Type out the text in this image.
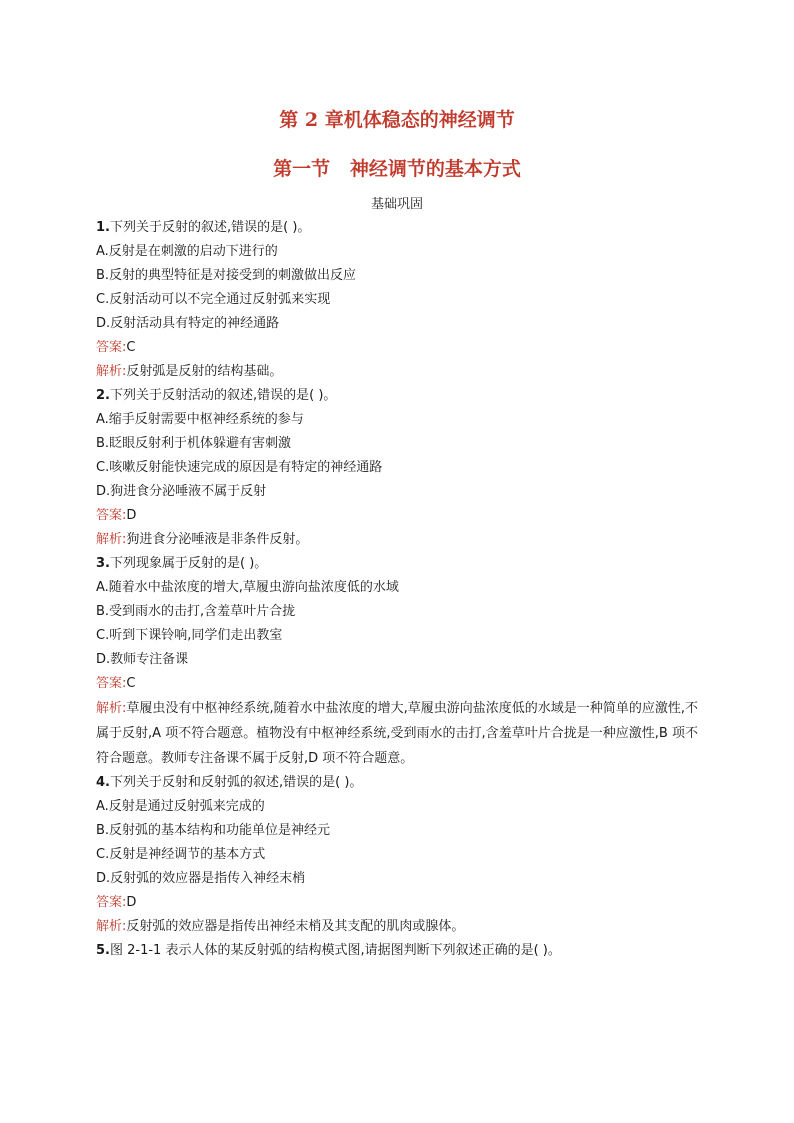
第 2 章机体稳态的神经调节
第一节   神经调节的基本方式
基础巩固
1.下列关于反射的叙述,错误的是( )。
A.反射是在刺激的启动下进行的
B.反射的典型特征是对接受到的刺激做出反应
C.反射活动可以不完全通过反射弧来实现
D.反射活动具有特定的神经通路
答案:C
解析:反射弧是反射的结构基础。
2.下列关于反射活动的叙述,错误的是( )。
A.缩手反射需要中枢神经系统的参与
B.眨眼反射利于机体躲避有害刺激
C.咳嗽反射能快速完成的原因是有特定的神经通路
D.狗进食分泌唾液不属于反射
答案:D
解析:狗进食分泌唾液是非条件反射。
3.下列现象属于反射的是( )。
A.随着水中盐浓度的增大,草履虫游向盐浓度低的水域
B.受到雨水的击打,含羞草叶片合拢
C.听到下课铃响,同学们走出教室
D.教师专注备课
答案:C
解析:草履虫没有中枢神经系统,随着水中盐浓度的增大,草履虫游向盐浓度低的水域是一种简单的应激性,不属于反射,A 项不符合题意。植物没有中枢神经系统,受到雨水的击打,含羞草叶片合拢是一种应激性,B 项不符合题意。教师专注备课不属于反射,D 项不符合题意。
4.下列关于反射和反射弧的叙述,错误的是( )。
A.反射是通过反射弧来完成的
B.反射弧的基本结构和功能单位是神经元
C.反射是神经调节的基本方式
D.反射弧的效应器是指传入神经末梢
答案:D
解析:反射弧的效应器是指传出神经末梢及其支配的肌肉或腺体。
5.图 2-1-1 表示人体的某反射弧的结构模式图,请据图判断下列叙述正确的是( )。
